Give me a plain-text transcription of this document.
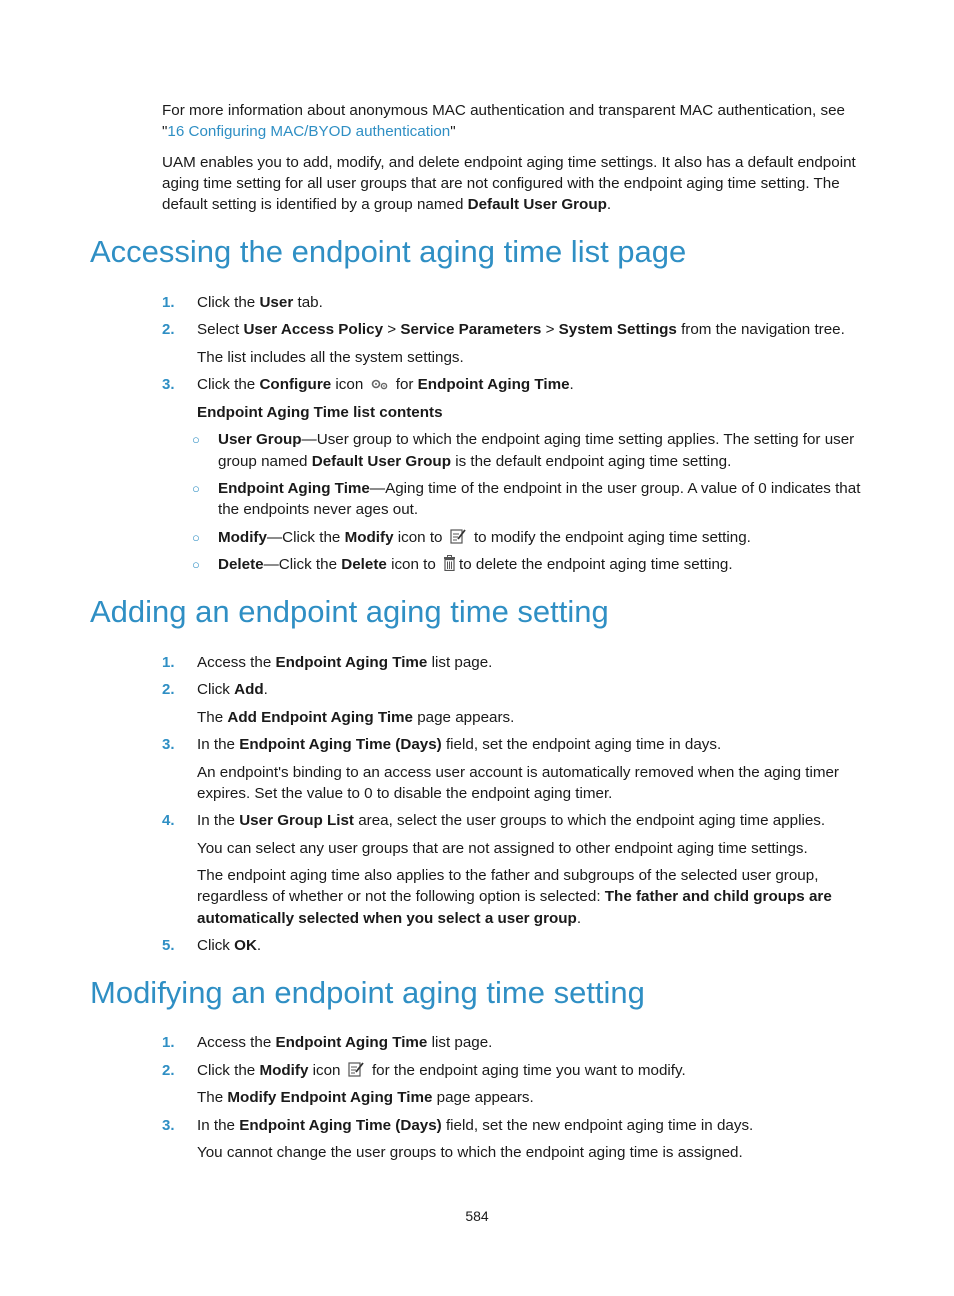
For more information about anonymous MAC authentication and transparent MAC authentication, see
"16 Configuring MAC/BYOD authentication"
UAM enables you to add, modify, and delete endpoint aging time settings. It also has a default endpoint
aging time setting for all user groups that are not configured with the endpoint aging time setting. The
default setting is identified by a group named Default User Group.
Accessing the endpoint aging time list page
1. Click the User tab.
2. Select User Access Policy > Service Parameters > System Settings from the navigation tree.
The list includes all the system settings.
3. Click the Configure icon  for Endpoint Aging Time.
Endpoint Aging Time list contents
○ User Group—User group to which the endpoint aging time setting applies. The setting for user
group named Default User Group is the default endpoint aging time setting.
○ Endpoint Aging Time—Aging time of the endpoint in the user group. A value of 0 indicates that
the endpoints never ages out.
○ Modify—Click the Modify icon to  to modify the endpoint aging time setting.
○ Delete—Click the Delete icon to to delete the endpoint aging time setting.
Adding an endpoint aging time setting
1. Access the Endpoint Aging Time list page.
2. Click Add.
The Add Endpoint Aging Time page appears.
3. In the Endpoint Aging Time (Days) field, set the endpoint aging time in days.
An endpoint's binding to an access user account is automatically removed when the aging timer
expires. Set the value to 0 to disable the endpoint aging timer.
4. In the User Group List area, select the user groups to which the endpoint aging time applies.
You can select any user groups that are not assigned to other endpoint aging time settings.
The endpoint aging time also applies to the father and subgroups of the selected user group,
regardless of whether or not the following option is selected: The father and child groups are
automatically selected when you select a user group.
5. Click OK.
Modifying an endpoint aging time setting
1. Access the Endpoint Aging Time list page.
2. Click the Modify icon  for the endpoint aging time you want to modify.
The Modify Endpoint Aging Time page appears.
3. In the Endpoint Aging Time (Days) field, set the new endpoint aging time in days.
You cannot change the user groups to which the endpoint aging time is assigned.
584
